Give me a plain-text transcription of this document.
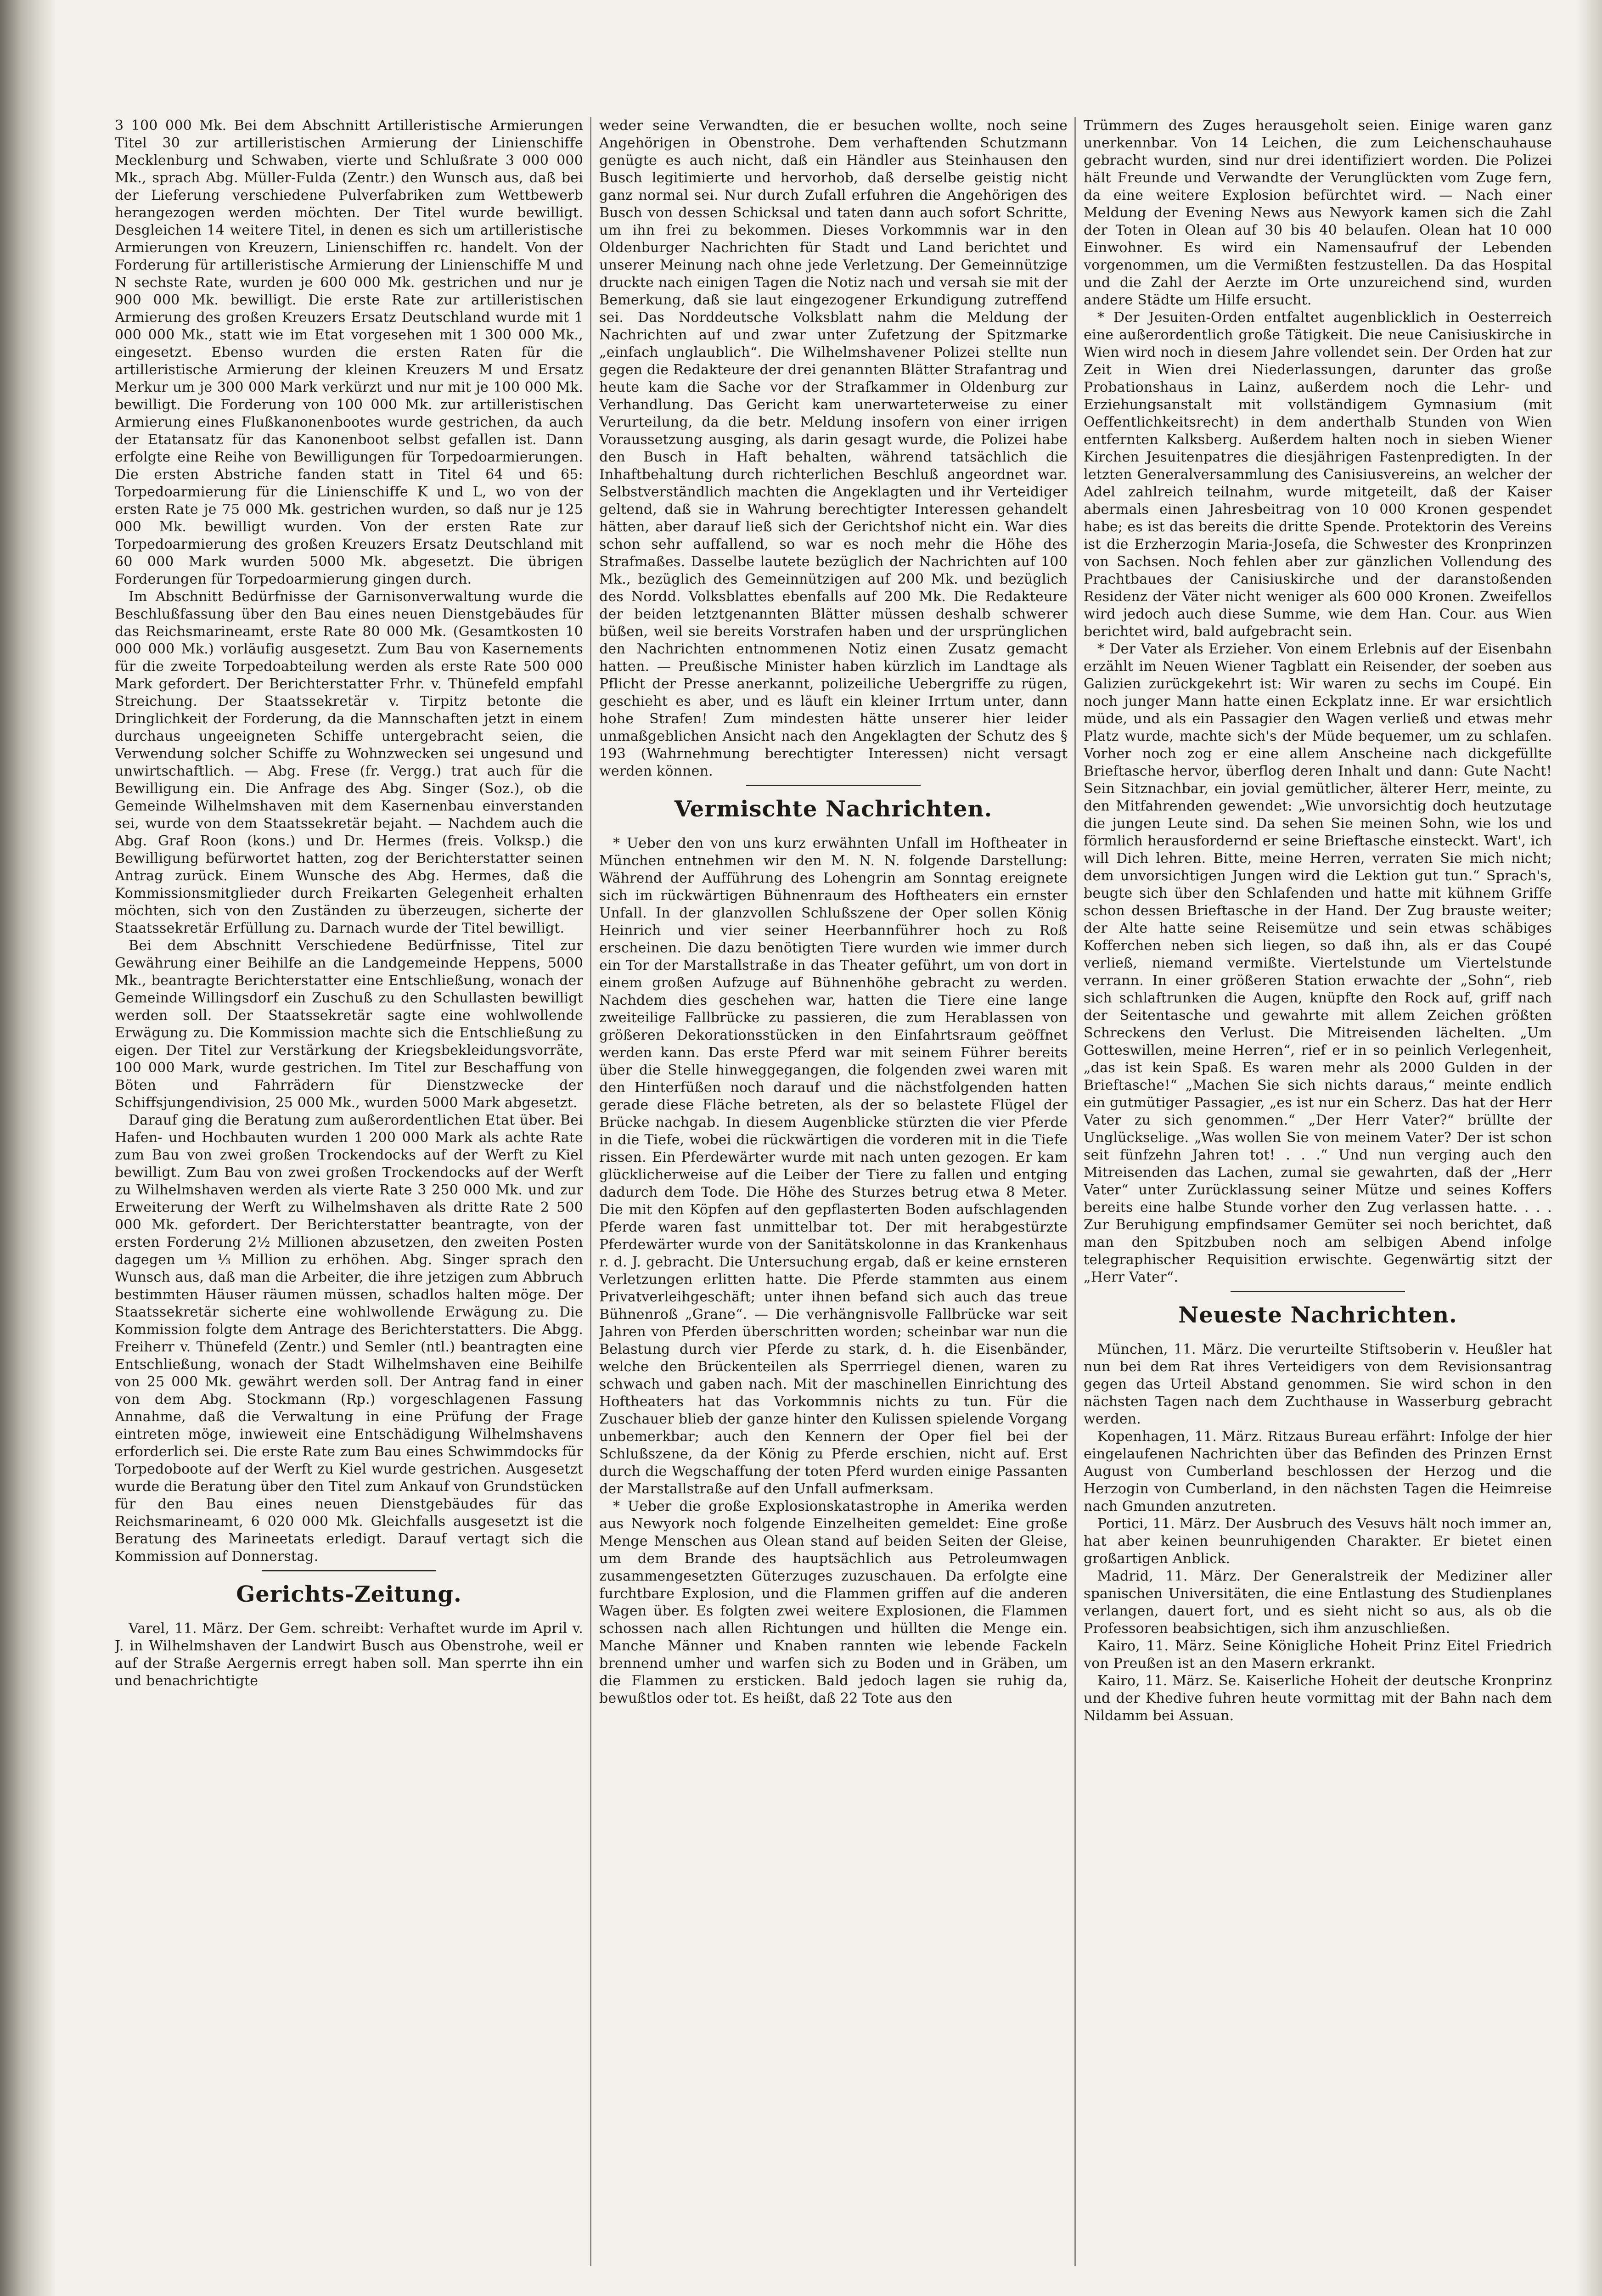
3 100 000 Mk. Bei dem Abschnitt Artilleristische Armierungen Titel 30 zur artilleristischen Armierung der Linienschiffe Mecklenburg und Schwaben, vierte und Schlußrate 3 000 000 Mk., sprach Abg. Müller-Fulda (Zentr.) den Wunsch aus, daß bei der Lieferung verschiedene Pulverfabriken zum Wettbewerb herangezogen werden möchten. Der Titel wurde bewilligt. Desgleichen 14 weitere Titel, in denen es sich um artilleristische Armierungen von Kreuzern, Linienschiffen rc. handelt. Von der Forderung für artilleristische Armierung der Linienschiffe M und N sechste Rate, wurden je 600 000 Mk. gestrichen und nur je 900 000 Mk. bewilligt. Die erste Rate zur artilleristischen Armierung des großen Kreuzers Ersatz Deutschland wurde mit 1 000 000 Mk., statt wie im Etat vorgesehen mit 1 300 000 Mk., eingesetzt. Ebenso wurden die ersten Raten für die artilleristische Armierung der kleinen Kreuzers M und Ersatz Merkur um je 300 000 Mark verkürzt und nur mit je 100 000 Mk. bewilligt. Die Forderung von 100 000 Mk. zur artilleristischen Armierung eines Flußkanonenbootes wurde gestrichen, da auch der Etatansatz für das Kanonenboot selbst gefallen ist. Dann erfolgte eine Reihe von Bewilligungen für Torpedoarmierungen. Die ersten Abstriche fanden statt in Titel 64 und 65: Torpedoarmierung für die Linienschiffe K und L, wo von der ersten Rate je 75 000 Mk. gestrichen wurden, so daß nur je 125 000 Mk. bewilligt wurden. Von der ersten Rate zur Torpedoarmierung des großen Kreuzers Ersatz Deutschland mit 60 000 Mark wurden 5000 Mk. abgesetzt. Die übrigen Forderungen für Torpedoarmierung gingen durch.

Im Abschnitt Bedürfnisse der Garnisonverwaltung wurde die Beschlußfassung über den Bau eines neuen Dienstgebäudes für das Reichsmarineamt, erste Rate 80 000 Mk. (Gesamtkosten 10 000 000 Mk.) vorläufig ausgesetzt. Zum Bau von Kasernements für die zweite Torpedoabteilung werden als erste Rate 500 000 Mark gefordert. Der Berichterstatter Frhr. v. Thünefeld empfahl Streichung. Der Staatssekretär v. Tirpitz betonte die Dringlichkeit der Forderung, da die Mannschaften jetzt in einem durchaus ungeeigneten Schiffe untergebracht seien, die Verwendung solcher Schiffe zu Wohnzwecken sei ungesund und unwirtschaftlich. — Abg. Frese (fr. Vergg.) trat auch für die Bewilligung ein. Die Anfrage des Abg. Singer (Soz.), ob die Gemeinde Wilhelmshaven mit dem Kasernenbau einverstanden sei, wurde von dem Staatssekretär bejaht. — Nachdem auch die Abg. Graf Roon (kons.) und Dr. Hermes (freis. Volksp.) die Bewilligung befürwortet hatten, zog der Berichterstatter seinen Antrag zurück. Einem Wunsche des Abg. Hermes, daß die Kommissionsmitglieder durch Freikarten Gelegenheit erhalten möchten, sich von den Zuständen zu überzeugen, sicherte der Staatssekretär Erfüllung zu. Darnach wurde der Titel bewilligt.

Bei dem Abschnitt Verschiedene Bedürfnisse, Titel zur Gewährung einer Beihilfe an die Landgemeinde Heppens, 5000 Mk., beantragte Berichterstatter eine Entschließung, wonach der Gemeinde Willingsdorf ein Zuschuß zu den Schullasten bewilligt werden soll. Der Staatssekretär sagte eine wohlwollende Erwägung zu. Die Kommission machte sich die Entschließung zu eigen. Der Titel zur Verstärkung der Kriegsbekleidungsvorräte, 100 000 Mark, wurde gestrichen. Im Titel zur Beschaffung von Böten und Fahrrädern für Dienstzwecke der Schiffsjungendivision, 25 000 Mk., wurden 5000 Mark abgesetzt.

Darauf ging die Beratung zum außerordentlichen Etat über. Bei Hafen- und Hochbauten wurden 1 200 000 Mark als achte Rate zum Bau von zwei großen Trockendocks auf der Werft zu Kiel bewilligt. Zum Bau von zwei großen Trockendocks auf der Werft zu Wilhelmshaven werden als vierte Rate 3 250 000 Mk. und zur Erweiterung der Werft zu Wilhelmshaven als dritte Rate 2 500 000 Mk. gefordert. Der Berichterstatter beantragte, von der ersten Forderung 2½ Millionen abzusetzen, den zweiten Posten dagegen um ⅓ Million zu erhöhen. Abg. Singer sprach den Wunsch aus, daß man die Arbeiter, die ihre jetzigen zum Abbruch bestimmten Häuser räumen müssen, schadlos halten möge. Der Staatssekretär sicherte eine wohlwollende Erwägung zu. Die Kommission folgte dem Antrage des Berichterstatters. Die Abgg. Freiherr v. Thünefeld (Zentr.) und Semler (ntl.) beantragten eine Entschließung, wonach der Stadt Wilhelmshaven eine Beihilfe von 25 000 Mk. gewährt werden soll. Der Antrag fand in einer von dem Abg. Stockmann (Rp.) vorgeschlagenen Fassung Annahme, daß die Verwaltung in eine Prüfung der Frage eintreten möge, inwieweit eine Entschädigung Wilhelmshavens erforderlich sei. Die erste Rate zum Bau eines Schwimmdocks für Torpedoboote auf der Werft zu Kiel wurde gestrichen. Ausgesetzt wurde die Beratung über den Titel zum Ankauf von Grundstücken für den Bau eines neuen Dienstgebäudes für das Reichsmarineamt, 6 020 000 Mk. Gleichfalls ausgesetzt ist die Beratung des Marineetats erledigt. Darauf vertagt sich die Kommission auf Donnerstag.

Gerichts-Zeitung.

Varel, 11. März. Der Gem. schreibt: Verhaftet wurde im April v. J. in Wilhelmshaven der Landwirt Busch aus Obenstrohe, weil er auf der Straße Aergernis erregt haben soll. Man sperrte ihn ein und benachrichtigte

weder seine Verwandten, die er besuchen wollte, noch seine Angehörigen in Obenstrohe. Dem verhaftenden Schutzmann genügte es auch nicht, daß ein Händler aus Steinhausen den Busch legitimierte und hervorhob, daß derselbe geistig nicht ganz normal sei. Nur durch Zufall erfuhren die Angehörigen des Busch von dessen Schicksal und taten dann auch sofort Schritte, um ihn frei zu bekommen. Dieses Vorkommnis war in den Oldenburger Nachrichten für Stadt und Land berichtet und unserer Meinung nach ohne jede Verletzung. Der Gemeinnützige druckte nach einigen Tagen die Notiz nach und versah sie mit der Bemerkung, daß sie laut eingezogener Erkundigung zutreffend sei. Das Norddeutsche Volksblatt nahm die Meldung der Nachrichten auf und zwar unter Zufetzung der Spitzmarke „einfach unglaublich“. Die Wilhelmshavener Polizei stellte nun gegen die Redakteure der drei genannten Blätter Strafantrag und heute kam die Sache vor der Strafkammer in Oldenburg zur Verhandlung. Das Gericht kam unerwarteterweise zu einer Verurteilung, da die betr. Meldung insofern von einer irrigen Voraussetzung ausging, als darin gesagt wurde, die Polizei habe den Busch in Haft behalten, während tatsächlich die Inhaftbehaltung durch richterlichen Beschluß angeordnet war. Selbstverständlich machten die Angeklagten und ihr Verteidiger geltend, daß sie in Wahrung berechtigter Interessen gehandelt hätten, aber darauf ließ sich der Gerichtshof nicht ein. War dies schon sehr auffallend, so war es noch mehr die Höhe des Strafmaßes. Dasselbe lautete bezüglich der Nachrichten auf 100 Mk., bezüglich des Gemeinnützigen auf 200 Mk. und bezüglich des Nordd. Volksblattes ebenfalls auf 200 Mk. Die Redakteure der beiden letztgenannten Blätter müssen deshalb schwerer büßen, weil sie bereits Vorstrafen haben und der ursprünglichen den Nachrichten entnommenen Notiz einen Zusatz gemacht hatten. — Preußische Minister haben kürzlich im Landtage als Pflicht der Presse anerkannt, polizeiliche Uebergriffe zu rügen, geschieht es aber, und es läuft ein kleiner Irrtum unter, dann hohe Strafen! Zum mindesten hätte unserer hier leider unmaßgeblichen Ansicht nach den Angeklagten der Schutz des § 193 (Wahrnehmung berechtigter Interessen) nicht versagt werden können.

Vermischte Nachrichten.

* Ueber den von uns kurz erwähnten Unfall im Hoftheater in München entnehmen wir den M. N. N. folgende Darstellung: Während der Aufführung des Lohengrin am Sonntag ereignete sich im rückwärtigen Bühnenraum des Hoftheaters ein ernster Unfall. In der glanzvollen Schlußszene der Oper sollen König Heinrich und vier seiner Heerbannführer hoch zu Roß erscheinen. Die dazu benötigten Tiere wurden wie immer durch ein Tor der Marstallstraße in das Theater geführt, um von dort in einem großen Aufzuge auf Bühnenhöhe gebracht zu werden. Nachdem dies geschehen war, hatten die Tiere eine lange zweiteilige Fallbrücke zu passieren, die zum Herablassen von größeren Dekorationsstücken in den Einfahrtsraum geöffnet werden kann. Das erste Pferd war mit seinem Führer bereits über die Stelle hinweggegangen, die folgenden zwei waren mit den Hinterfüßen noch darauf und die nächstfolgenden hatten gerade diese Fläche betreten, als der so belastete Flügel der Brücke nachgab. In diesem Augenblicke stürzten die vier Pferde in die Tiefe, wobei die rückwärtigen die vorderen mit in die Tiefe rissen. Ein Pferdewärter wurde mit nach unten gezogen. Er kam glücklicherweise auf die Leiber der Tiere zu fallen und entging dadurch dem Tode. Die Höhe des Sturzes betrug etwa 8 Meter. Die mit den Köpfen auf den gepflasterten Boden aufschlagenden Pferde waren fast unmittelbar tot. Der mit herabgestürzte Pferdewärter wurde von der Sanitätskolonne in das Krankenhaus r. d. J. gebracht. Die Untersuchung ergab, daß er keine ernsteren Verletzungen erlitten hatte. Die Pferde stammten aus einem Privatverleihgeschäft; unter ihnen befand sich auch das treue Bühnenroß „Grane“. — Die verhängnisvolle Fallbrücke war seit Jahren von Pferden überschritten worden; scheinbar war nun die Belastung durch vier Pferde zu stark, d. h. die Eisenbänder, welche den Brückenteilen als Sperrriegel dienen, waren zu schwach und gaben nach. Mit der maschinellen Einrichtung des Hoftheaters hat das Vorkommnis nichts zu tun. Für die Zuschauer blieb der ganze hinter den Kulissen spielende Vorgang unbemerkbar; auch den Kennern der Oper fiel bei der Schlußszene, da der König zu Pferde erschien, nicht auf. Erst durch die Wegschaffung der toten Pferd wurden einige Passanten der Marstallstraße auf den Unfall aufmerksam.

* Ueber die große Explosionskatastrophe in Amerika werden aus Newyork noch folgende Einzelheiten gemeldet: Eine große Menge Menschen aus Olean stand auf beiden Seiten der Gleise, um dem Brande des hauptsächlich aus Petroleumwagen zusammengesetzten Güterzuges zuzuschauen. Da erfolgte eine furchtbare Explosion, und die Flammen griffen auf die anderen Wagen über. Es folgten zwei weitere Explosionen, die Flammen schossen nach allen Richtungen und hüllten die Menge ein. Manche Männer und Knaben rannten wie lebende Fackeln brennend umher und warfen sich zu Boden und in Gräben, um die Flammen zu ersticken. Bald jedoch lagen sie ruhig da, bewußtlos oder tot. Es heißt, daß 22 Tote aus den

Trümmern des Zuges herausgeholt seien. Einige waren ganz unerkennbar. Von 14 Leichen, die zum Leichenschauhause gebracht wurden, sind nur drei identifiziert worden. Die Polizei hält Freunde und Verwandte der Verunglückten vom Zuge fern, da eine weitere Explosion befürchtet wird. — Nach einer Meldung der Evening News aus Newyork kamen sich die Zahl der Toten in Olean auf 30 bis 40 belaufen. Olean hat 10 000 Einwohner. Es wird ein Namensaufruf der Lebenden vorgenommen, um die Vermißten festzustellen. Da das Hospital und die Zahl der Aerzte im Orte unzureichend sind, wurden andere Städte um Hilfe ersucht.

* Der Jesuiten-Orden entfaltet augenblicklich in Oesterreich eine außerordentlich große Tätigkeit. Die neue Canisiuskirche in Wien wird noch in diesem Jahre vollendet sein. Der Orden hat zur Zeit in Wien drei Niederlassungen, darunter das große Probationshaus in Lainz, außerdem noch die Lehr- und Erziehungsanstalt mit vollständigem Gymnasium (mit Oeffentlichkeitsrecht) in dem anderthalb Stunden von Wien entfernten Kalksberg. Außerdem halten noch in sieben Wiener Kirchen Jesuitenpatres die diesjährigen Fastenpredigten. In der letzten Generalversammlung des Canisiusvereins, an welcher der Adel zahlreich teilnahm, wurde mitgeteilt, daß der Kaiser abermals einen Jahresbeitrag von 10 000 Kronen gespendet habe; es ist das bereits die dritte Spende. Protektorin des Vereins ist die Erzherzogin Maria-Josefa, die Schwester des Kronprinzen von Sachsen. Noch fehlen aber zur gänzlichen Vollendung des Prachtbaues der Canisiuskirche und der daranstoßenden Residenz der Väter nicht weniger als 600 000 Kronen. Zweifellos wird jedoch auch diese Summe, wie dem Han. Cour. aus Wien berichtet wird, bald aufgebracht sein.

* Der Vater als Erzieher. Von einem Erlebnis auf der Eisenbahn erzählt im Neuen Wiener Tagblatt ein Reisender, der soeben aus Galizien zurückgekehrt ist: Wir waren zu sechs im Coupé. Ein noch junger Mann hatte einen Eckplatz inne. Er war ersichtlich müde, und als ein Passagier den Wagen verließ und etwas mehr Platz wurde, machte sich's der Müde bequemer, um zu schlafen. Vorher noch zog er eine allem Anscheine nach dickgefüllte Brieftasche hervor, überflog deren Inhalt und dann: Gute Nacht! Sein Sitznachbar, ein jovial gemütlicher, älterer Herr, meinte, zu den Mitfahrenden gewendet: „Wie unvorsichtig doch heutzutage die jungen Leute sind. Da sehen Sie meinen Sohn, wie los und förmlich herausfordernd er seine Brieftasche einsteckt. Wart', ich will Dich lehren. Bitte, meine Herren, verraten Sie mich nicht; dem unvorsichtigen Jungen wird die Lektion gut tun.“ Sprach's, beugte sich über den Schlafenden und hatte mit kühnem Griffe schon dessen Brieftasche in der Hand. Der Zug brauste weiter; der Alte hatte seine Reisemütze und sein etwas schäbiges Kofferchen neben sich liegen, so daß ihn, als er das Coupé verließ, niemand vermißte. Viertelstunde um Viertelstunde verrann. In einer größeren Station erwachte der „Sohn“, rieb sich schlaftrunken die Augen, knüpfte den Rock auf, griff nach der Seitentasche und gewahrte mit allem Zeichen größten Schreckens den Verlust. Die Mitreisenden lächelten. „Um Gotteswillen, meine Herren“, rief er in so peinlich Verlegenheit, „das ist kein Spaß. Es waren mehr als 2000 Gulden in der Brieftasche!“ „Machen Sie sich nichts daraus,“ meinte endlich ein gutmütiger Passagier, „es ist nur ein Scherz. Das hat der Herr Vater zu sich genommen.“ „Der Herr Vater?“ brüllte der Unglückselige. „Was wollen Sie von meinem Vater? Der ist schon seit fünfzehn Jahren tot! . . .“ Und nun verging auch den Mitreisenden das Lachen, zumal sie gewahrten, daß der „Herr Vater“ unter Zurücklassung seiner Mütze und seines Koffers bereits eine halbe Stunde vorher den Zug verlassen hatte. . . . Zur Beruhigung empfindsamer Gemüter sei noch berichtet, daß man den Spitzbuben noch am selbigen Abend infolge telegraphischer Requisition erwischte. Gegenwärtig sitzt der „Herr Vater“.

Neueste Nachrichten.

München, 11. März. Die verurteilte Stiftsoberin v. Heußler hat nun bei dem Rat ihres Verteidigers von dem Revisionsantrag gegen das Urteil Abstand genommen. Sie wird schon in den nächsten Tagen nach dem Zuchthause in Wasserburg gebracht werden.

Kopenhagen, 11. März. Ritzaus Bureau erfährt: Infolge der hier eingelaufenen Nachrichten über das Befinden des Prinzen Ernst August von Cumberland beschlossen der Herzog und die Herzogin von Cumberland, in den nächsten Tagen die Heimreise nach Gmunden anzutreten.

Portici, 11. März. Der Ausbruch des Vesuvs hält noch immer an, hat aber keinen beunruhigenden Charakter. Er bietet einen großartigen Anblick.

Madrid, 11. März. Der Generalstreik der Mediziner aller spanischen Universitäten, die eine Entlastung des Studienplanes verlangen, dauert fort, und es sieht nicht so aus, als ob die Professoren beabsichtigen, sich ihm anzuschließen.

Kairo, 11. März. Seine Königliche Hoheit Prinz Eitel Friedrich von Preußen ist an den Masern erkrankt.

Kairo, 11. März. Se. Kaiserliche Hoheit der deutsche Kronprinz und der Khedive fuhren heute vormittag mit der Bahn nach dem Nildamm bei Assuan.
